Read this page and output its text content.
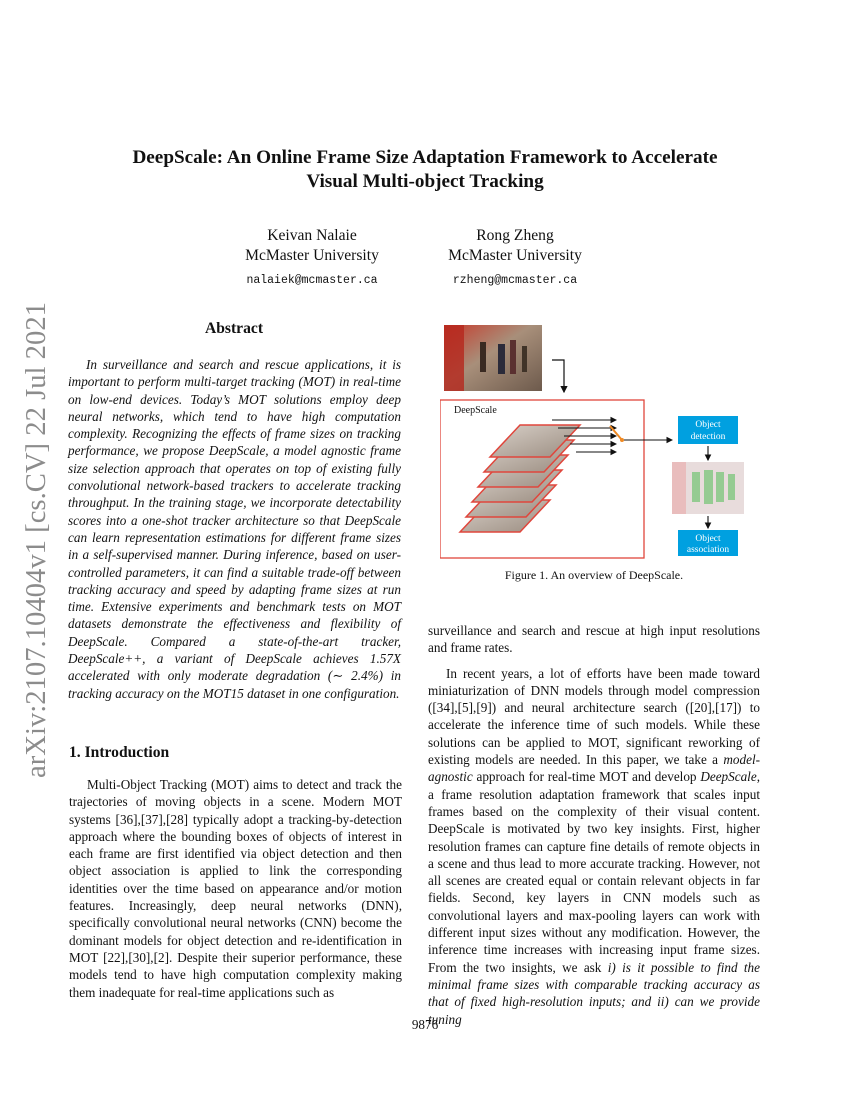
arXiv:2107.10404v1 [cs.CV] 22 Jul 2021
DeepScale: An Online Frame Size Adaptation Framework to Accelerate
Visual Multi-object Tracking
Keivan Nalaie
McMaster University
nalaiek@mcmaster.ca
Rong Zheng
McMaster University
rzheng@mcmaster.ca
Abstract
In surveillance and search and rescue applications, it is important to perform multi-target tracking (MOT) in real-time on low-end devices. Today’s MOT solutions employ deep neural networks, which tend to have high computation complexity. Recognizing the effects of frame sizes on tracking performance, we propose DeepScale, a model agnostic frame size selection approach that operates on top of existing fully convolutional network-based trackers to accelerate tracking throughput. In the training stage, we incorporate detectability scores into a one-shot tracker architecture so that DeepScale can learn representation estimations for different frame sizes in a self-supervised manner. During inference, based on user-controlled parameters, it can find a suitable trade-off between tracking accuracy and speed by adapting frame sizes at run time. Extensive experiments and benchmark tests on MOT datasets demonstrate the effectiveness and flexibility of DeepScale. Compared a state-of-the-art tracker, DeepScale++, a variant of DeepScale achieves 1.57X accelerated with only moderate degradation (∼ 2.4%) in tracking accuracy on the MOT15 dataset in one configuration.
1. Introduction

Multi-Object Tracking (MOT) aims to detect and track the trajectories of moving objects in a scene. Modern MOT systems [36],[37],[28] typically adopt a tracking-by-detection approach where the bounding boxes of objects of interest in each frame are first identified via object detection and then object association is applied to link the corresponding identities over the time based on appearance and/or motion features. Increasingly, deep neural networks (DNN), specifically convolutional neural networks (CNN) become the dominant models for object detection and re-identification in MOT [22],[30],[2]. Despite their superior performance, these models tend to have high computation complexity making them inadequate for real-time applications such as

DeepScale
Object
detection
Object
association
Figure 1. An overview of DeepScale.

surveillance and search and rescue at high input resolutions and frame rates.

In recent years, a lot of efforts have been made toward miniaturization of DNN models through model compression ([34],[5],[9]) and neural architecture search ([20],[17]) to accelerate the inference time of such models. While these solutions can be applied to MOT, significant reworking of existing models are needed. In this paper, we take a model-agnostic approach for real-time MOT and develop DeepScale, a frame resolution adaptation framework that scales input frames based on the complexity of their visual content. DeepScale is motivated by two key insights. First, higher resolution frames can capture fine details of remote objects in a scene and thus lead to more accurate tracking. However, not all scenes are created equal or contain relevant objects in far fields. Second, key layers in CNN models such as convolutional layers and max-pooling layers can work with different input sizes without any modification. However, the inference time increases with increasing input frame sizes. From the two insights, we ask i) is it possible to find the minimal frame sizes with comparable tracking accuracy as that of fixed high-resolution inputs; and ii) can we provide tuning

9876
